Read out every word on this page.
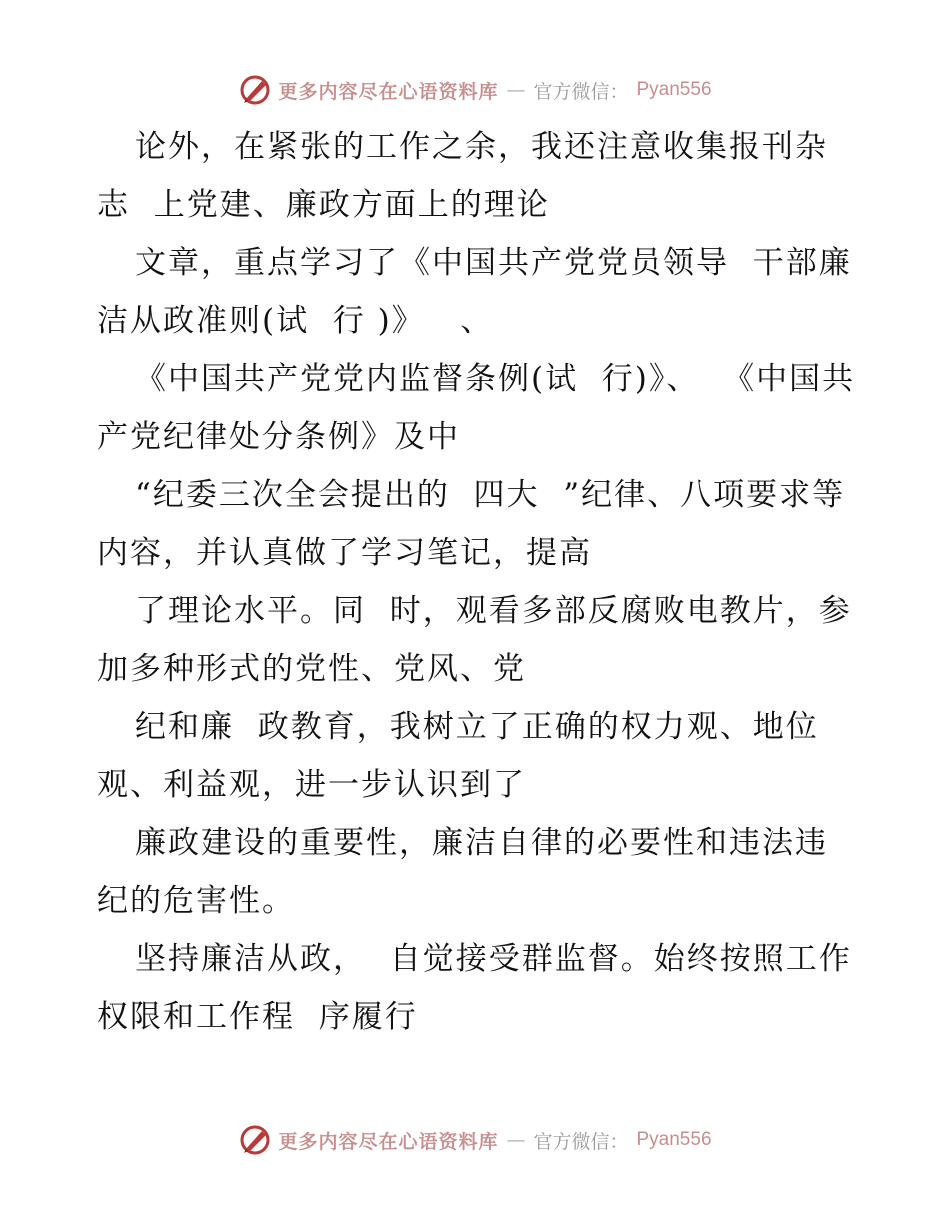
更多内容尽在心语资料库 — 官方微信： Pyan556

论外，在紧张的工作之余，我还注意收集报刊杂志  上党建、廉政方面上的理论

文章，重点学习了《中国共产党党员领导  干部廉洁从政准则(试  行 )》   、

《中国共产党党内监督条例(试  行)》、  《中国共产党纪律处分条例》及中

“纪委三次全会提出的  四大  ”纪律、八项要求等内容，并认真做了学习笔记，提高

了理论水平。同  时，观看多部反腐败电教片，参加多种形式的党性、党风、党

纪和廉  政教育，我树立了正确的权力观、地位观、利益观，进一步认识到了

廉政建设的重要性，廉洁自律的必要性和违法违纪的危害性。

坚持廉洁从政，  自觉接受群监督。始终按照工作权限和工作程  序履行

更多内容尽在心语资料库 — 官方微信： Pyan556
